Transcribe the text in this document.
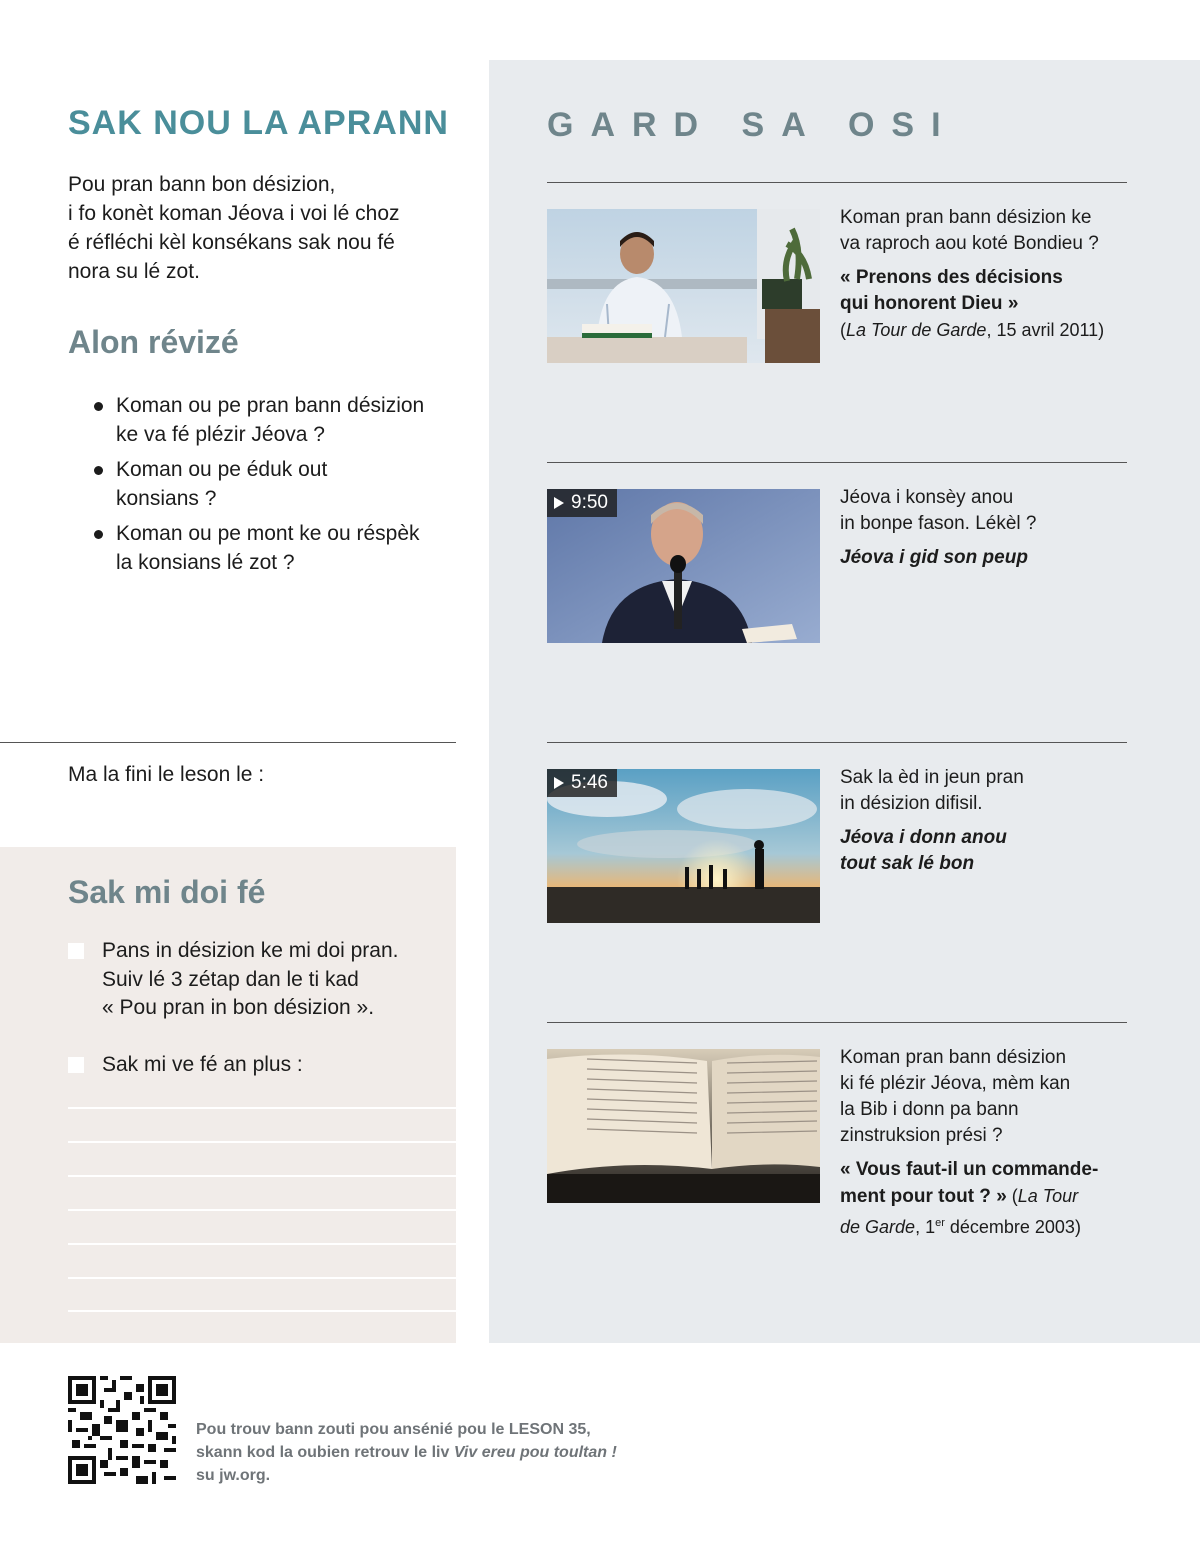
SAK NOU LA APRANN
Pou pran bann bon désizion,
i fo konèt koman Jéova i voi lé choz
é réfléchi kèl konsékans sak nou fé
nora su lé zot.
Alon révizé
Koman ou pe pran bann désizion
ke va fé plézir Jéova ?
Koman ou pe éduk out
konsians ?
Koman ou pe mont ke ou réspèk
la konsians lé zot ?
Ma la fini le leson le :
Sak mi doi fé
Pans in désizion ke mi doi pran.
Suiv lé 3 zétap dan le ti kad
« Pou pran in bon désizion ».
Sak mi ve fé an plus :
GARD SA OSI
Koman pran bann désizion ke
va raproch aou koté Bondieu ?
« Prenons des décisions
qui honorent Dieu »
(La Tour de Garde, 15 avril 2011)
9:50	Jéova i konsèy anou
in bonpe fason. Lékèl ?
Jéova i gid son peup
5:46	Sak la èd in jeun pran
in désizion difisil.
Jéova i donn anou
tout sak lé bon
Koman pran bann désizion
ki fé plézir Jéova, mèm kan
la Bib i donn pa bann
zinstruksion prési ?
« Vous faut-il un commande-
ment pour tout ? » (La Tour
de Garde, 1er décembre 2003)
Pou trouv bann zouti pou ansénié pou le LESON 35,
skann kod la oubien retrouv le liv Viv ereu pou toultan !
su jw.org.
